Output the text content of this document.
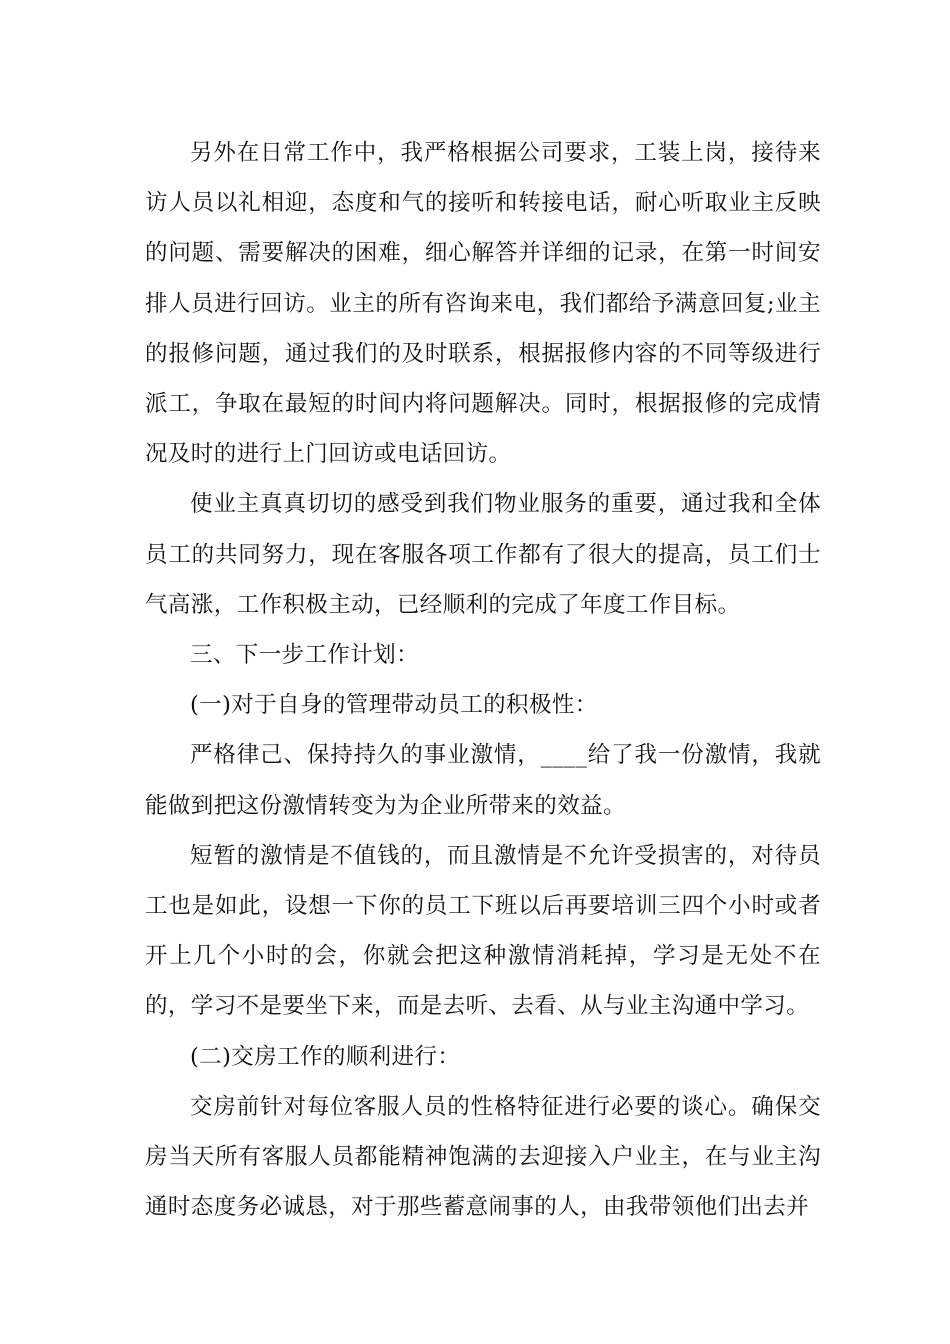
另外在日常工作中，我严格根据公司要求，工装上岗，接待来访人员以礼相迎，态度和气的接听和转接电话，耐心听取业主反映的问题、需要解决的困难，细心解答并详细的记录，在第一时间安排人员进行回访。业主的所有咨询来电，我们都给予满意回复;业主的报修问题，通过我们的及时联系，根据报修内容的不同等级进行派工，争取在最短的时间内将问题解决。同时，根据报修的完成情况及时的进行上门回访或电话回访。

使业主真真切切的感受到我们物业服务的重要，通过我和全体员工的共同努力，现在客服各项工作都有了很大的提高，员工们士气高涨，工作积极主动，已经顺利的完成了年度工作目标。

三、下一步工作计划：

(一)对于自身的管理带动员工的积极性：

严格律己、保持持久的事业激情，____给了我一份激情，我就能做到把这份激情转变为为企业所带来的效益。

短暂的激情是不值钱的，而且激情是不允许受损害的，对待员工也是如此，设想一下你的员工下班以后再要培训三四个小时或者开上几个小时的会，你就会把这种激情消耗掉，学习是无处不在的，学习不是要坐下来，而是去听、去看、从与业主沟通中学习。

(二)交房工作的顺利进行：

交房前针对每位客服人员的性格特征进行必要的谈心。确保交房当天所有客服人员都能精神饱满的去迎接入户业主，在与业主沟通时态度务必诚恳，对于那些蓄意闹事的人，由我带领他们出去并
